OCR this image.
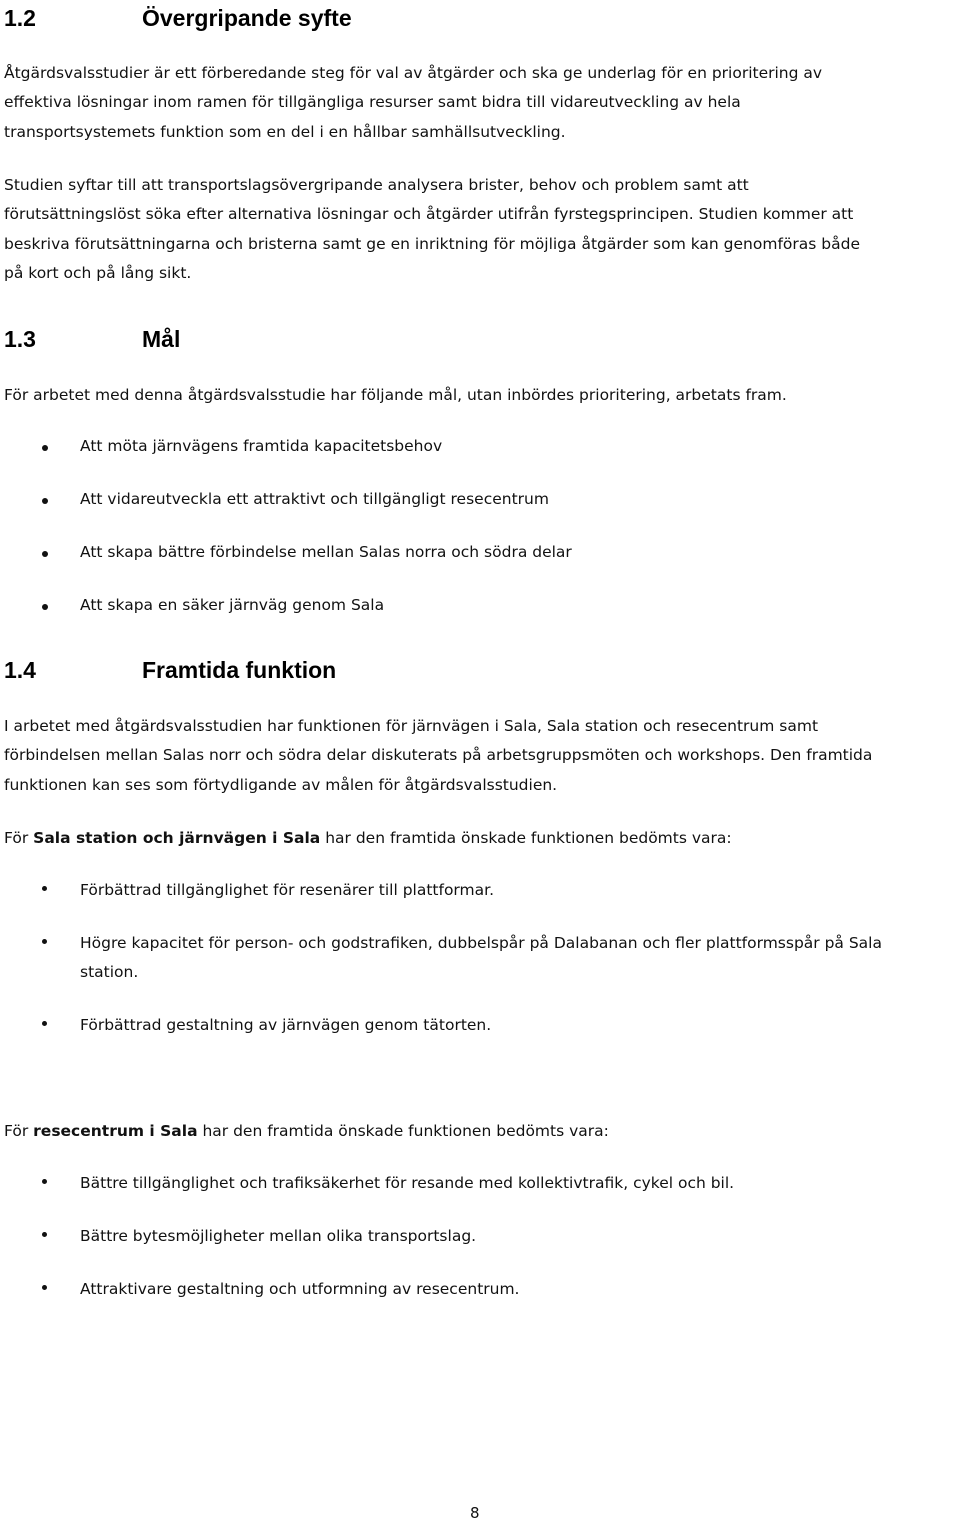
1.2	Övergripande syfte
Åtgärdsvalsstudier är ett förberedande steg för val av åtgärder och ska ge underlag för en prioritering av
effektiva lösningar inom ramen för tillgängliga resurser samt bidra till vidareutveckling av hela
transportsystemets funktion som en del i en hållbar samhällsutveckling.
Studien syftar till att transportslagsövergripande analysera brister, behov och problem samt att
förutsättningslöst söka efter alternativa lösningar och åtgärder utifrån fyrstegsprincipen. Studien kommer att
beskriva förutsättningarna och bristerna samt ge en inriktning för möjliga åtgärder som kan genomföras både
på kort och på lång sikt.
1.3	Mål
För arbetet med denna åtgärdsvalsstudie har följande mål, utan inbördes prioritering, arbetats fram.
Att möta järnvägens framtida kapacitetsbehov
Att vidareutveckla ett attraktivt och tillgängligt resecentrum
Att skapa bättre förbindelse mellan Salas norra och södra delar
Att skapa en säker järnväg genom Sala
1.4	Framtida funktion
I arbetet med åtgärdsvalsstudien har funktionen för järnvägen i Sala, Sala station och resecentrum samt
förbindelsen mellan Salas norr och södra delar diskuterats på arbetsgruppsmöten och workshops. Den framtida
funktionen kan ses som förtydligande av målen för åtgärdsvalsstudien.
För Sala station och järnvägen i Sala har den framtida önskade funktionen bedömts vara:
Förbättrad tillgänglighet för resenärer till plattformar.
Högre kapacitet för person- och godstrafiken, dubbelspår på Dalabanan och fler plattformsspår på Sala
station.
Förbättrad gestaltning av järnvägen genom tätorten.
För resecentrum i Sala har den framtida önskade funktionen bedömts vara:
Bättre tillgänglighet och trafiksäkerhet för resande med kollektivtrafik, cykel och bil.
Bättre bytesmöjligheter mellan olika transportslag.
Attraktivare gestaltning och utformning av resecentrum.
8
